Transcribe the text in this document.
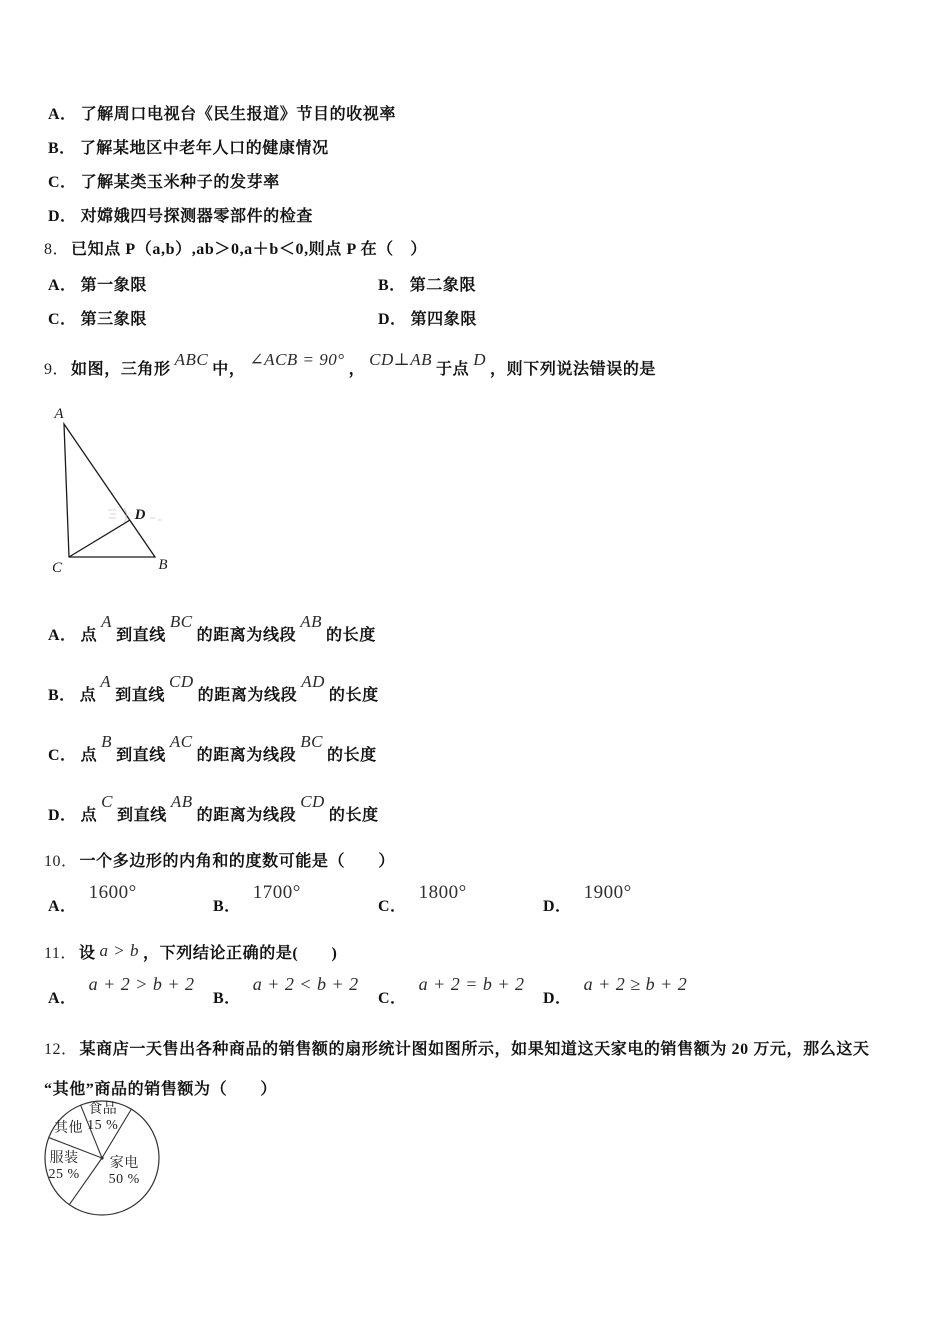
A． 了解周口电视台《民生报道》节目的收视率
B． 了解某地区中老年人口的健康情况
C． 了解某类玉米种子的发芽率
D． 对嫦娥四号探测器零部件的检查
8． 已知点 P（a,b）,ab＞0,a＋b＜0,则点 P 在（　）
A． 第一象限	B． 第二象限
C． 第三象限	D． 第四象限
9． 如图，三角形ABC中，∠ACB = 90°，CD⊥AB于点D，则下列说法错误的是
A
B
C
D
A． 点A到直线BC的距离为线段AB的长度
B． 点A到直线CD的距离为线段AD的长度
C． 点B到直线AC的距离为线段BC的长度
D． 点C到直线AB的距离为线段CD的长度
10． 一个多边形的内角和的度数可能是（　　）
A．1600°
B．1700°
C．1800°
D．1900°
11． 设 a > b ，下列结论正确的是(　　)
A．a + 2 > b + 2
B．a + 2 < b + 2
C．a + 2 = b + 2
D．a + 2 ≥ b + 2
12． 某商店一天售出各种商品的销售额的扇形统计图如图所示，如果知道这天家电的销售额为 20 万元，那么这天
“其他”商品的销售额为（　　）
食品
15 %
其他
服装
25 %
家电
50 %
